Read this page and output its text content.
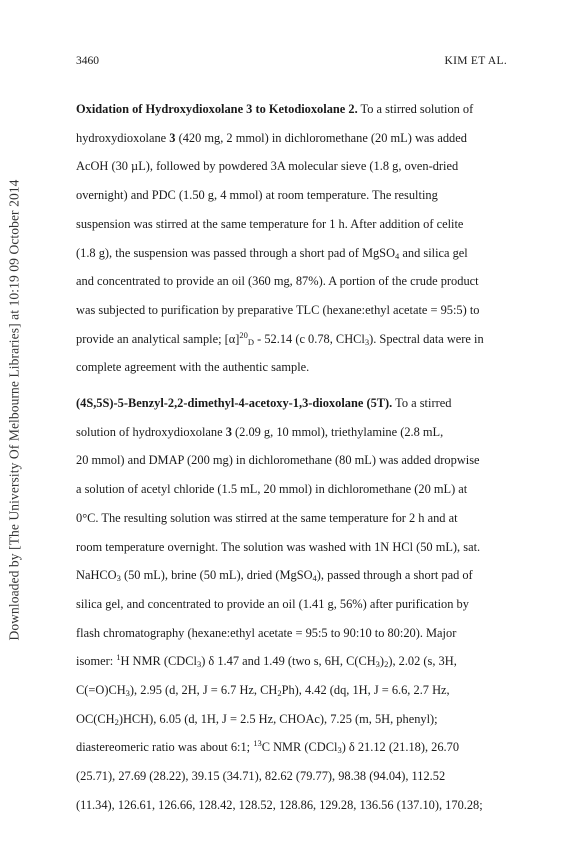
Downloaded by [The University Of Melbourne Libraries] at 10:19 09 October 2014
3460	KIM ET AL.
Oxidation of Hydroxydioxolane 3 to Ketodioxolane 2. To a stirred solution of
hydroxydioxolane 3 (420 mg, 2 mmol) in dichloromethane (20 mL) was added
AcOH (30 µL), followed by powdered 3A molecular sieve (1.8 g, oven-dried
overnight) and PDC (1.50 g, 4 mmol) at room temperature. The resulting
suspension was stirred at the same temperature for 1 h. After addition of celite
(1.8 g), the suspension was passed through a short pad of MgSO$_4$ and silica gel
and concentrated to provide an oil (360 mg, 87%). A portion of the crude product
was subjected to purification by preparative TLC (hexane:ethyl acetate = 95:5) to
provide an analytical sample; $[\alpha]^{20}_D - 52.14$ (c 0.78, CHCl$_3$). Spectral data were in
complete agreement with the authentic sample.
(4S,5S)-5-Benzyl-2,2-dimethyl-4-acetoxy-1,3-dioxolane (5T). To a stirred
solution of hydroxydioxolane 3 (2.09 g, 10 mmol), triethylamine (2.8 mL,
20 mmol) and DMAP (200 mg) in dichloromethane (80 mL) was added dropwise
a solution of acetyl chloride (1.5 mL, 20 mmol) in dichloromethane (20 mL) at
0°C. The resulting solution was stirred at the same temperature for 2 h and at
room temperature overnight. The solution was washed with 1N HCl (50 mL), sat.
NaHCO$_3$ (50 mL), brine (50 mL), dried (MgSO$_4$), passed through a short pad of
silica gel, and concentrated to provide an oil (1.41 g, 56%) after purification by
flash chromatography (hexane:ethyl acetate = 95:5 to 90:10 to 80:20). Major
isomer: $^1$H NMR (CDCl$_3$) δ 1.47 and 1.49 (two s, 6H, $C(CH_3)_2$), 2.02 (s, 3H,
$C(=O)CH_3$), 2.95 (d, 2H, J = 6.7 Hz, $CH_2Ph$), 4.42 (dq, 1H, J = 6.6, 2.7 Hz,
$OC(CH_2)HCH$), 6.05 (d, 1H, J = 2.5 Hz, CHOAc), 7.25 (m, 5H, phenyl);
diastereomeric ratio was about 6:1; $^{13}$C NMR (CDCl$_3$) δ 21.12 (21.18), 26.70
(25.71), 27.69 (28.22), 39.15 (34.71), 82.62 (79.77), 98.38 (94.04), 112.52
(11.34), 126.61, 126.66, 128.42, 128.52, 128.86, 129.28, 136.56 (137.10), 170.28;
